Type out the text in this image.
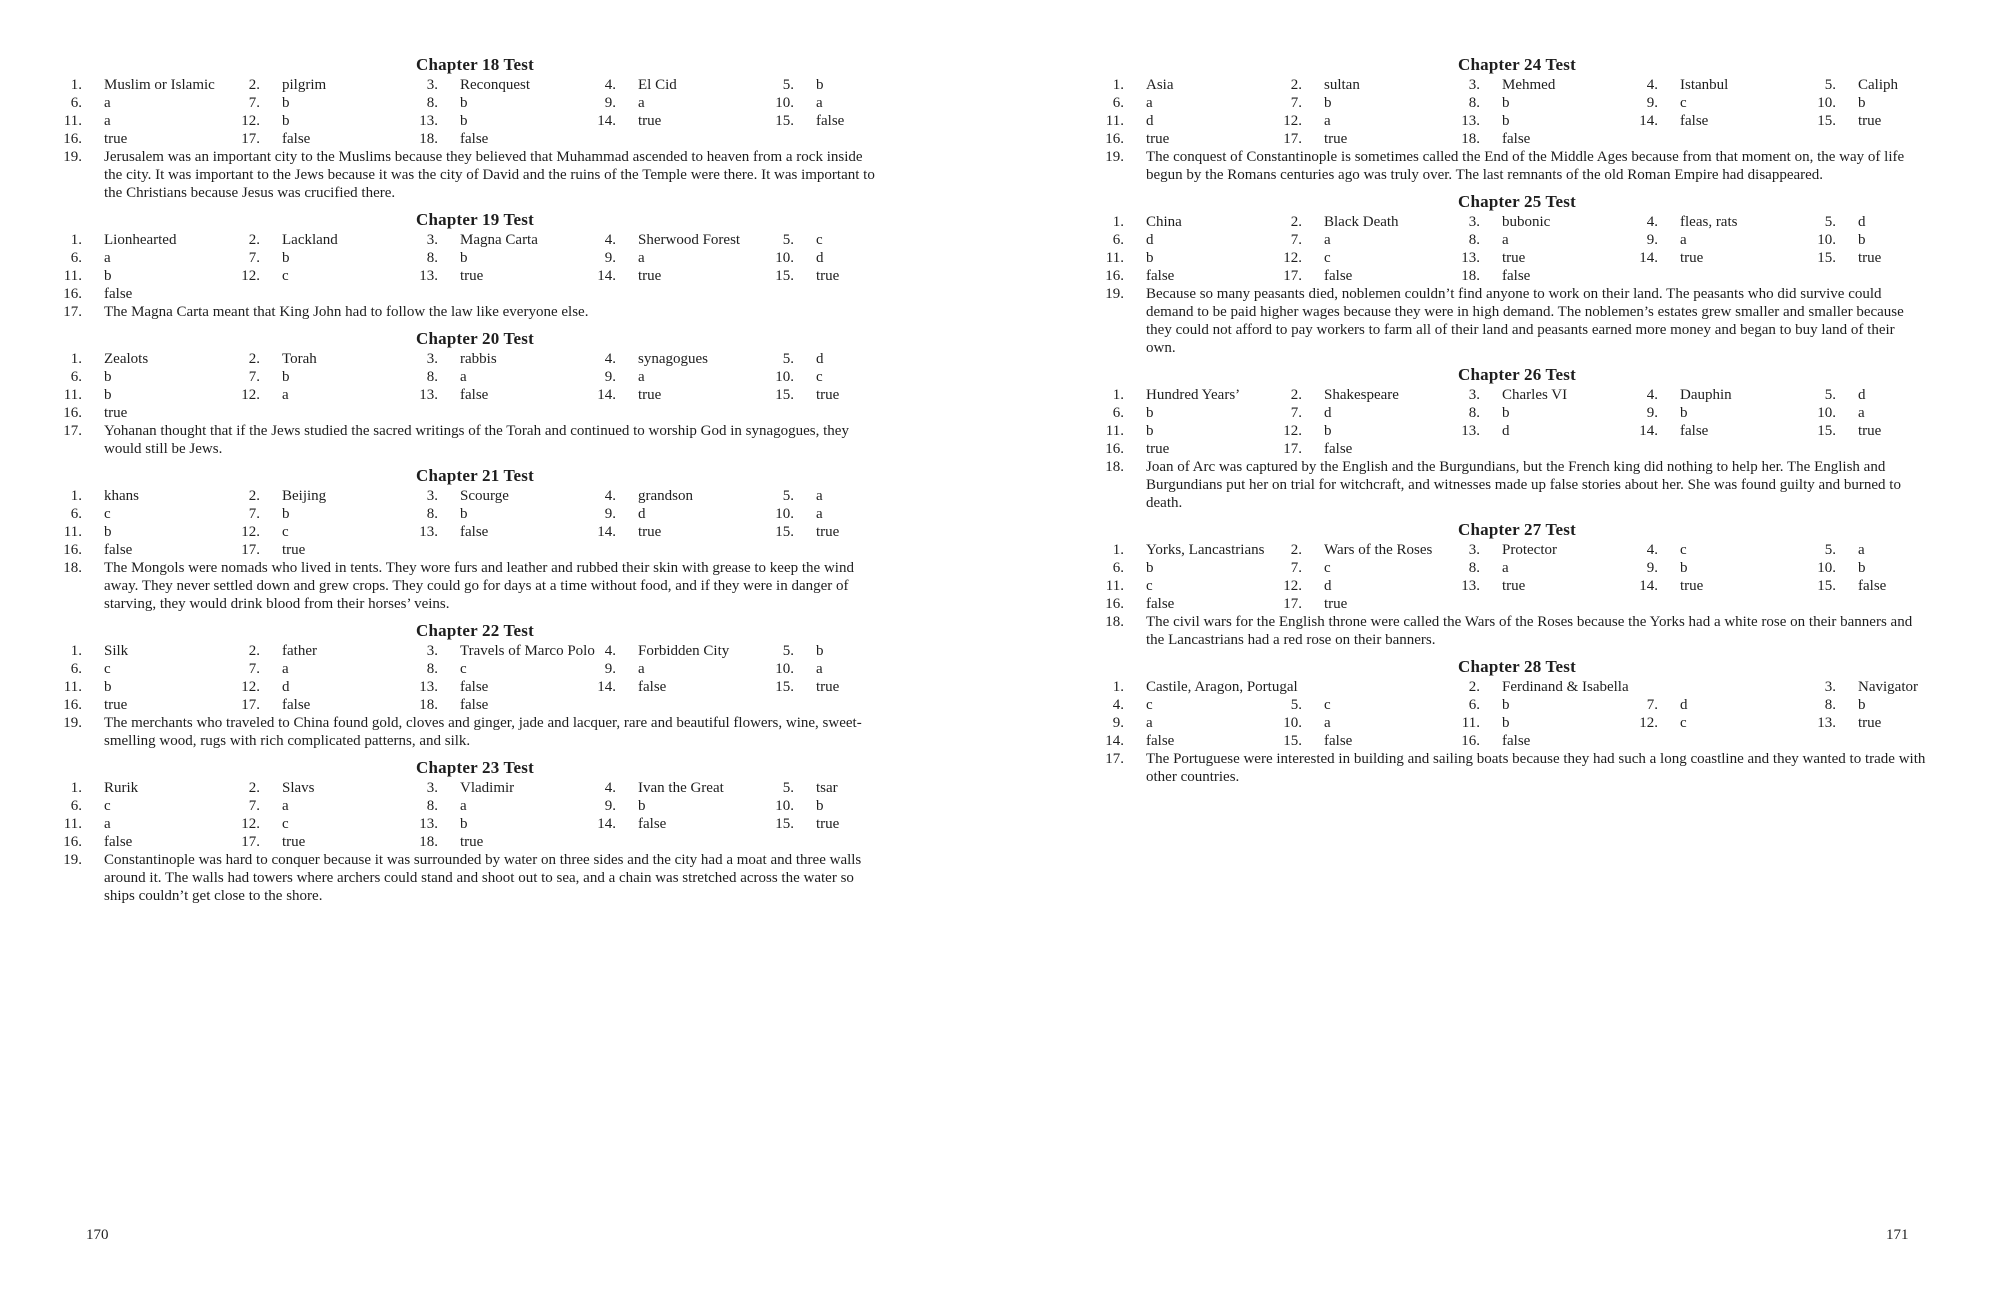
Chapter 18 Test
1. Muslim or Islamic	2. pilgrim	3. Reconquest	4. El Cid	5. b
6. a	7. b	8. b	9. a	10. a
11. a	12. b	13. b	14. true	15. false
16. true	17. false	18. false
19. Jerusalem was an important city to the Muslims because they believed that Muhammad ascended to heaven from a rock inside the city. It was important to the Jews because it was the city of David and the ruins of the Temple were there. It was important to the Christians because Jesus was crucified there.
Chapter 19 Test
1. Lionhearted	2. Lackland	3. Magna Carta	4. Sherwood Forest	5. c
6. a	7. b	8. b	9. a	10. d
11. b	12. c	13. true	14. true	15. true
16. false
17. The Magna Carta meant that King John had to follow the law like everyone else.
Chapter 20 Test
1. Zealots	2. Torah	3. rabbis	4. synagogues	5. d
6. b	7. b	8. a	9. a	10. c
11. b	12. a	13. false	14. true	15. true
16. true
17. Yohanan thought that if the Jews studied the sacred writings of the Torah and continued to worship God in synagogues, they would still be Jews.
Chapter 21 Test
1. khans	2. Beijing	3. Scourge	4. grandson	5. a
6. c	7. b	8. b	9. d	10. a
11. b	12. c	13. false	14. true	15. true
16. false	17. true
18. The Mongols were nomads who lived in tents. They wore furs and leather and rubbed their skin with grease to keep the wind away. They never settled down and grew crops. They could go for days at a time without food, and if they were in danger of starving, they would drink blood from their horses’ veins.
Chapter 22 Test
1. Silk	2. father	3. Travels of Marco Polo 4. Forbidden City	5. b
6. c	7. a	8. c	9. a	10. a
11. b	12. d	13. false	14. false	15. true
16. true	17. false	18. false
19. The merchants who traveled to China found gold, cloves and ginger, jade and lacquer, rare and beautiful flowers, wine, sweet-smelling wood, rugs with rich complicated patterns, and silk.
Chapter 23 Test
1. Rurik	2. Slavs	3. Vladimir	4. Ivan the Great	5. tsar
6. c	7. a	8. a	9. b	10. b
11. a	12. c	13. b	14. false	15. true
16. false	17. true	18. true
19. Constantinople was hard to conquer because it was surrounded by water on three sides and the city had a moat and three walls around it. The walls had towers where archers could stand and shoot out to sea, and a chain was stretched across the water so ships couldn’t get close to the shore.
Chapter 24 Test
1. Asia	2. sultan	3. Mehmed	4. Istanbul	5. Caliph
6. a	7. b	8. b	9. c	10. b
11. d	12. a	13. b	14. false	15. true
16. true	17. true	18. false
19. The conquest of Constantinople is sometimes called the End of the Middle Ages because from that moment on, the way of life begun by the Romans centuries ago was truly over. The last remnants of the old Roman Empire had disappeared.
Chapter 25 Test
1. China	2. Black Death	3. bubonic	4. fleas, rats	5. d
6. d	7. a	8. a	9. a	10. b
11. b	12. c	13. true	14. true	15. true
16. false	17. false	18. false
19. Because so many peasants died, noblemen couldn’t find anyone to work on their land. The peasants who did survive could demand to be paid higher wages because they were in high demand. The noblemen’s estates grew smaller and smaller because they could not afford to pay workers to farm all of their land and peasants earned more money and began to buy land of their own.
Chapter 26 Test
1. Hundred Years’	2. Shakespeare	3. Charles VI	4. Dauphin	5. d
6. b	7. d	8. b	9. b	10. a
11. b	12. b	13. d	14. false	15. true
16. true	17. false
18. Joan of Arc was captured by the English and the Burgundians, but the French king did nothing to help her. The English and Burgundians put her on trial for witchcraft, and witnesses made up false stories about her. She was found guilty and burned to death.
Chapter 27 Test
1. Yorks, Lancastrians	2. Wars of the Roses	3. Protector	4. c	5. a
6. b	7. c	8. a	9. b	10. b
11. c	12. d	13. true	14. true	15. false
16. false	17. true
18. The civil wars for the English throne were called the Wars of the Roses because the Yorks had a white rose on their banners and the Lancastrians had a red rose on their banners.
Chapter 28 Test
1. Castile, Aragon, Portugal	2. Ferdinand & Isabella	3. Navigator
4. c	5. c	6. b	7. d	8. b
9. a	10. a	11. b	12. c	13. true
14. false	15. false	16. false
17. The Portuguese were interested in building and sailing boats because they had such a long coastline and they wanted to trade with other countries.
170	171
